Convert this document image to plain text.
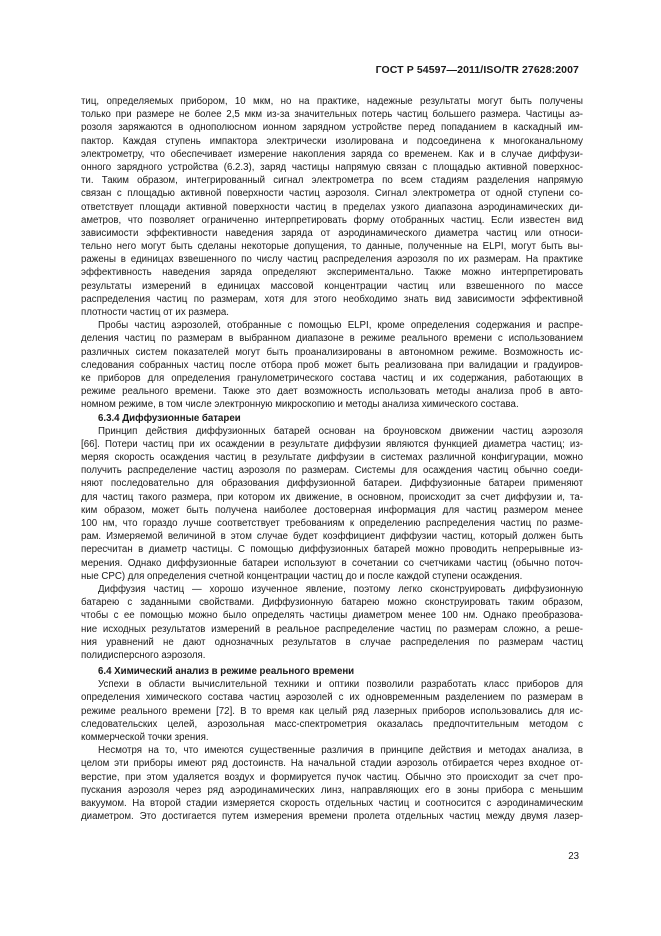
ГОСТ Р 54597—2011/ISO/TR 27628:2007
тиц, определяемых прибором, 10 мкм, но на практике, надежные результаты могут быть получены
только при размере не более 2,5 мкм из-за значительных потерь частиц большего размера. Частицы аэ-
розоля заряжаются в однополюсном ионном зарядном устройстве перед попаданием в каскадный им-
пактор. Каждая ступень импактора электрически изолирована и подсоединена к многоканальному
электрометру, что обеспечивает измерение накопления заряда со временем. Как и в случае диффузи-
онного зарядного устройства (6.2.3), заряд частицы напрямую связан с площадью активной поверхнос-
ти. Таким образом, интегрированный сигнал электрометра по всем стадиям разделения напрямую
связан с площадью активной поверхности частиц аэрозоля. Сигнал электрометра от одной ступени со-
ответствует площади активной поверхности частиц в пределах узкого диапазона аэродинамических ди-
аметров, что позволяет ограниченно интерпретировать форму отобранных частиц. Если известен вид
зависимости эффективности наведения заряда от аэродинамического диаметра частиц или относи-
тельно него могут быть сделаны некоторые допущения, то данные, полученные на ELPI, могут быть вы-
ражены в единицах взвешенного по числу частиц распределения аэрозоля по их размерам. На практике
эффективность наведения заряда определяют экспериментально. Также можно интерпретировать
результаты измерений в единицах массовой концентрации частиц или взвешенного по массе
распределения частиц по размерам, хотя для этого необходимо знать вид зависимости эффективной
плотности частиц от их размера.
Пробы частиц аэрозолей, отобранные с помощью ELPI, кроме определения содержания и распре-
деления частиц по размерам в выбранном диапазоне в режиме реального времени с использованием
различных систем показателей могут быть проанализированы в автономном режиме. Возможность ис-
следования собранных частиц после отбора проб может быть реализована при валидации и градуиров-
ке приборов для определения гранулометрического состава частиц и их содержания, работающих в
режиме реального времени. Также это дает возможность использовать методы анализа проб в авто-
номном режиме, в том числе электронную микроскопию и методы анализа химического состава.
6.3.4 Диффузионные батареи
Принцип действия диффузионных батарей основан на броуновском движении частиц аэрозоля
[66]. Потери частиц при их осаждении в результате диффузии являются функцией диаметра частиц; из-
меряя скорость осаждения частиц в результате диффузии в системах различной конфигурации, можно
получить распределение частиц аэрозоля по размерам. Системы для осаждения частиц обычно соеди-
няют последовательно для образования диффузионной батареи. Диффузионные батареи применяют
для частиц такого размера, при котором их движение, в основном, происходит за счет диффузии и, та-
ким образом, может быть получена наиболее достоверная информация для частиц размером менее
100 нм, что гораздо лучше соответствует требованиям к определению распределения частиц по разме-
рам. Измеряемой величиной в этом случае будет коэффициент диффузии частиц, который должен быть
пересчитан в диаметр частицы. С помощью диффузионных батарей можно проводить непрерывные из-
мерения. Однако диффузионные батареи используют в сочетании со счетчиками частиц (обычно поточ-
ные CPC) для определения счетной концентрации частиц до и после каждой ступени осаждения.
Диффузия частиц — хорошо изученное явление, поэтому легко сконструировать диффузионную
батарею с заданными свойствами. Диффузионную батарею можно сконструировать таким образом,
чтобы с ее помощью можно было определять частицы диаметром менее 100 нм. Однако преобразова-
ние исходных результатов измерений в реальное распределение частиц по размерам сложно, а реше-
ния уравнений не дают однозначных результатов в случае распределения по размерам частиц
полидисперсного аэрозоля.
6.4 Химический анализ в режиме реального времени
Успехи в области вычислительной техники и оптики позволили разработать класс приборов для
определения химического состава частиц аэрозолей с их одновременным разделением по размерам в
режиме реального времени [72]. В то время как целый ряд лазерных приборов использовались для ис-
следовательских целей, аэрозольная масс-спектрометрия оказалась предпочтительным методом с
коммерческой точки зрения.
Несмотря на то, что имеются существенные различия в принципе действия и методах анализа, в
целом эти приборы имеют ряд достоинств. На начальной стадии аэрозоль отбирается через входное от-
верстие, при этом удаляется воздух и формируется пучок частиц. Обычно это происходит за счет про-
пускания аэрозоля через ряд аэродинамических линз, направляющих его в зоны прибора с меньшим
вакуумом. На второй стадии измеряется скорость отдельных частиц и соотносится с аэродинамическим
диаметром. Это достигается путем измерения времени пролета отдельных частиц между двумя лазер-
23
